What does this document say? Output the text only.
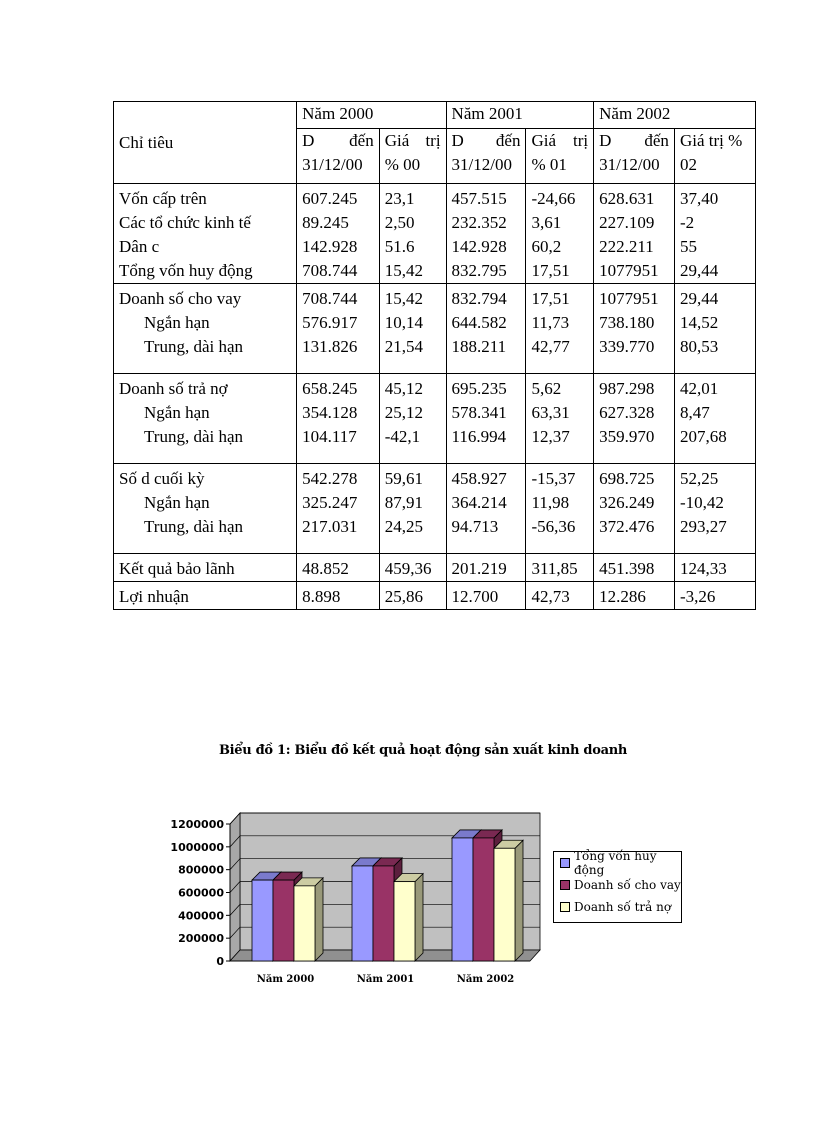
Chỉ tiêu	Năm 2000		Năm 2001		Năm 2002	

	D đến	Giá trị	D đến	Giá trị	D đến	Giá trị %
	31/12/00	% 00	31/12/00	% 01	31/12/00	02
Vốn cấp trên	607.245	23,1	457.515	-24,66	628.631	37,40
Các tổ chức kinh tế	89.245	2,50	232.352	3,61	227.109	-2
Dân c	142.928	51.6	142.928	60,2	222.211	55
Tổng vốn huy động	708.744	15,42	832.795	17,51	1077951	29,44
Doanh số cho vay	708.744	15,42	832.794	17,51	1077951	29,44
Ngắn hạn	576.917	10,14	644.582	11,73	738.180	14,52
Trung, dài hạn	131.826	21,54	188.211	42,77	339.770	80,53
Doanh số trả nợ	658.245	45,12	695.235	5,62	987.298	42,01
Ngắn hạn	354.128	25,12	578.341	63,31	627.328	8,47
Trung, dài hạn	104.117	-42,1	116.994	12,37	359.970	207,68
Số d cuối kỳ	542.278	59,61	458.927	-15,37	698.725	52,25
Ngắn hạn	325.247	87,91	364.214	11,98	326.249	-10,42
Trung, dài hạn	217.031	24,25	94.713	-56,36	372.476	293,27
Kết quả bảo lãnh	48.852	459,36	201.219	311,85	451.398	124,33
Lợi nhuận	8.898	25,86	12.700	42,73	12.286	-3,26
Biểu đồ 1: Biểu đồ kết quả hoạt động sản xuất kinh doanh
0
200000
400000
600000
800000
1000000
1200000
Năm 2000	Năm 2001	Năm 2002
Tổng vốn huy động
Doanh số cho vay
Doanh số trả nợ
